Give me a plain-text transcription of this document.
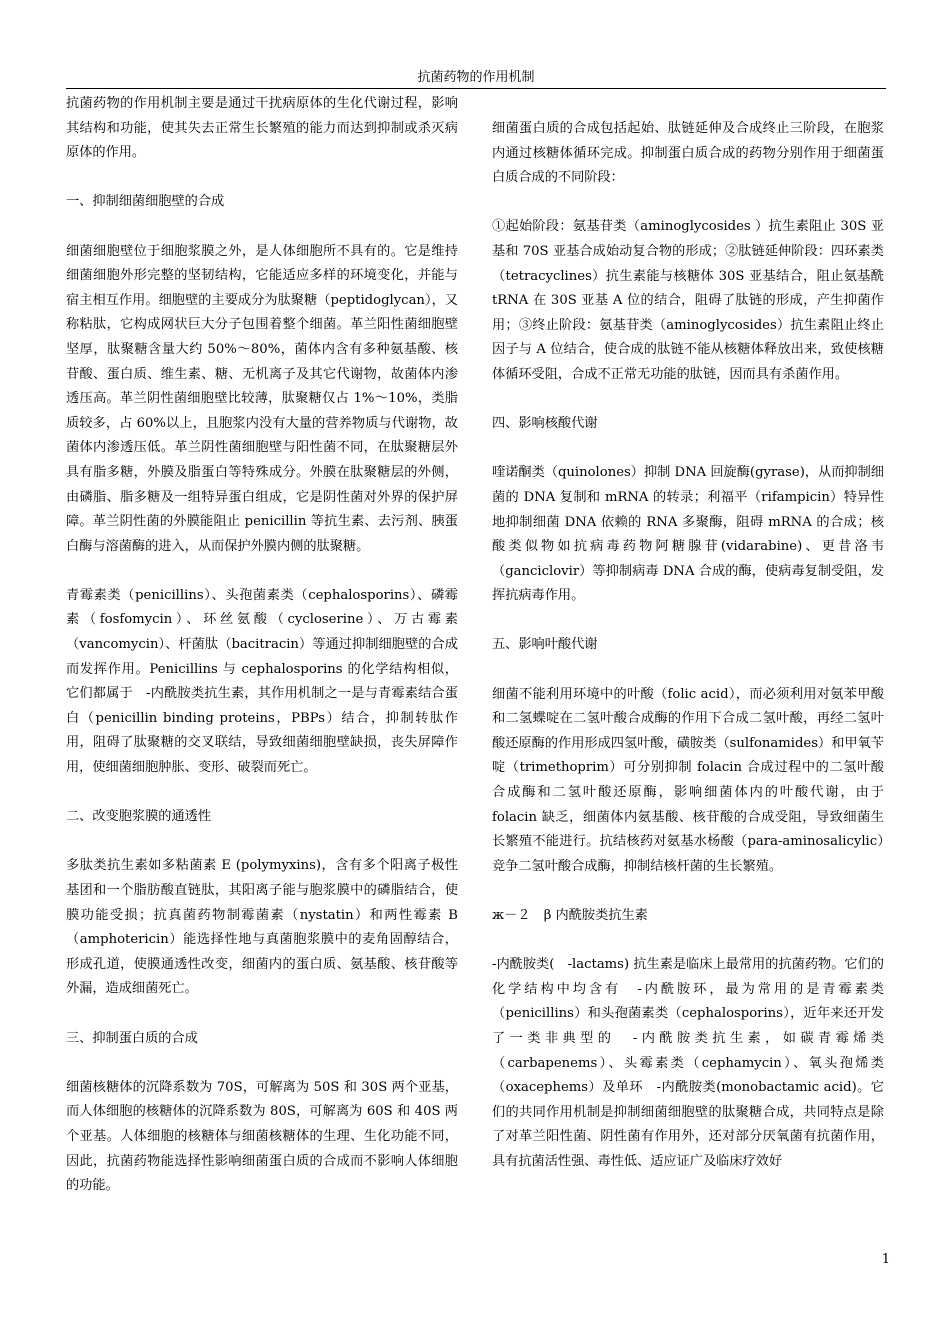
抗菌药物的作用机制

抗菌药物的作用机制主要是通过干扰病原体的生化代谢过程，影响其结构和功能，使其失去正常生长繁殖的能力而达到抑制或杀灭病原体的作用。

一、抑制细菌细胞壁的合成

细菌细胞壁位于细胞浆膜之外，是人体细胞所不具有的。它是维持细菌细胞外形完整的坚韧结构，它能适应多样的环境变化，并能与宿主相互作用。细胞壁的主要成分为肽聚糖（peptidoglycan），又称粘肽，它构成网状巨大分子包围着整个细菌。革兰阳性菌细胞壁坚厚，肽聚糖含量大约 50%～80%，菌体内含有多种氨基酸、核苷酸、蛋白质、维生素、糖、无机离子及其它代谢物，故菌体内渗透压高。革兰阴性菌细胞壁比较薄，肽聚糖仅占 1%～10%，类脂质较多，占 60%以上，且胞浆内没有大量的营养物质与代谢物，故菌体内渗透压低。革兰阴性菌细胞壁与阳性菌不同，在肽聚糖层外具有脂多糖，外膜及脂蛋白等特殊成分。外膜在肽聚糖层的外侧，由磷脂、脂多糖及一组特异蛋白组成，它是阴性菌对外界的保护屏障。革兰阴性菌的外膜能阻止 penicillin 等抗生素、去污剂、胰蛋白酶与溶菌酶的进入，从而保护外膜内侧的肽聚糖。

青霉素类（penicillins）、头孢菌素类（cephalosporins）、磷霉素（fosfomycin）、环丝氨酸（cycloserine）、万古霉素（vancomycin）、杆菌肽（bacitracin）等通过抑制细胞壁的合成而发挥作用。Penicillins 与 cephalosporins 的化学结构相似，它们都属于　-内酰胺类抗生素，其作用机制之一是与青霉素结合蛋白（penicillin binding proteins，PBPs）结合，抑制转肽作用，阻碍了肽聚糖的交叉联结，导致细菌细胞壁缺损，丧失屏障作用，使细菌细胞肿胀、变形、破裂而死亡。

二、改变胞浆膜的通透性

多肽类抗生素如多粘菌素 E (polymyxins)，含有多个阳离子极性基团和一个脂肪酸直链肽，其阳离子能与胞浆膜中的磷脂结合，使膜功能受损；抗真菌药物制霉菌素（nystatin）和两性霉素 B（amphotericin）能选择性地与真菌胞浆膜中的麦角固醇结合，形成孔道，使膜通透性改变，细菌内的蛋白质、氨基酸、核苷酸等外漏，造成细菌死亡。

三、抑制蛋白质的合成

细菌核糖体的沉降系数为 70S，可解离为 50S 和 30S 两个亚基，而人体细胞的核糖体的沉降系数为 80S，可解离为 60S 和 40S 两个亚基。人体细胞的核糖体与细菌核糖体的生理、生化功能不同，因此，抗菌药物能选择性影响细菌蛋白质的合成而不影响人体细胞的功能。

细菌蛋白质的合成包括起始、肽链延伸及合成终止三阶段，在胞浆内通过核糖体循环完成。抑制蛋白质合成的药物分别作用于细菌蛋白质合成的不同阶段：

①起始阶段：氨基苷类（aminoglycosides ）抗生素阻止 30S 亚基和 70S 亚基合成始动复合物的形成；②肽链延伸阶段：四环素类（tetracyclines）抗生素能与核糖体 30S 亚基结合，阻止氨基酰 tRNA 在 30S 亚基 A 位的结合，阻碍了肽链的形成，产生抑菌作用；③终止阶段：氨基苷类（aminoglycosides）抗生素阻止终止因子与 A 位结合，使合成的肽链不能从核糖体释放出来，致使核糖体循环受阻，合成不正常无功能的肽链，因而具有杀菌作用。

四、影响核酸代谢

喹诺酮类（quinolones）抑制 DNA 回旋酶(gyrase)，从而抑制细菌的 DNA 复制和 mRNA 的转录；利福平（rifampicin）特异性地抑制细菌 DNA 依赖的 RNA 多聚酶，阻碍 mRNA 的合成；核酸类似物如抗病毒药物阿糖腺苷(vidarabine)、更昔洛韦（ganciclovir）等抑制病毒 DNA 合成的酶，使病毒复制受阻，发挥抗病毒作用。

五、影响叶酸代谢

细菌不能利用环境中的叶酸（folic acid），而必须利用对氨苯甲酸和二氢蝶啶在二氢叶酸合成酶的作用下合成二氢叶酸，再经二氢叶酸还原酶的作用形成四氢叶酸，磺胺类（sulfonamides）和甲氧苄啶（trimethoprim）可分别抑制 folacin 合成过程中的二氢叶酸合成酶和二氢叶酸还原酶，影响细菌体内的叶酸代谢，由于 folacin 缺乏，细菌体内氨基酸、核苷酸的合成受阻，导致细菌生长繁殖不能进行。抗结核药对氨基水杨酸（para-aminosalicylic）竞争二氢叶酸合成酶，抑制结核杆菌的生长繁殖。

ж－２　β 内酰胺类抗生素

-内酰胺类(　-lactams) 抗生素是临床上最常用的抗菌药物。它们的化学结构中均含有　-内酰胺环，最为常用的是青霉素类（penicillins）和头孢菌素类（cephalosporins），近年来还开发了一类非典型的　-内酰胺类抗生素，如碳青霉烯类（carbapenems）、头霉素类（cephamycin）、氧头孢烯类（oxacephems）及单环　-内酰胺类(monobactamic acid)。它们的共同作用机制是抑制细菌细胞壁的肽聚糖合成，共同特点是除了对革兰阳性菌、阴性菌有作用外，还对部分厌氧菌有抗菌作用，具有抗菌活性强、毒性低、适应证广及临床疗效好

1
